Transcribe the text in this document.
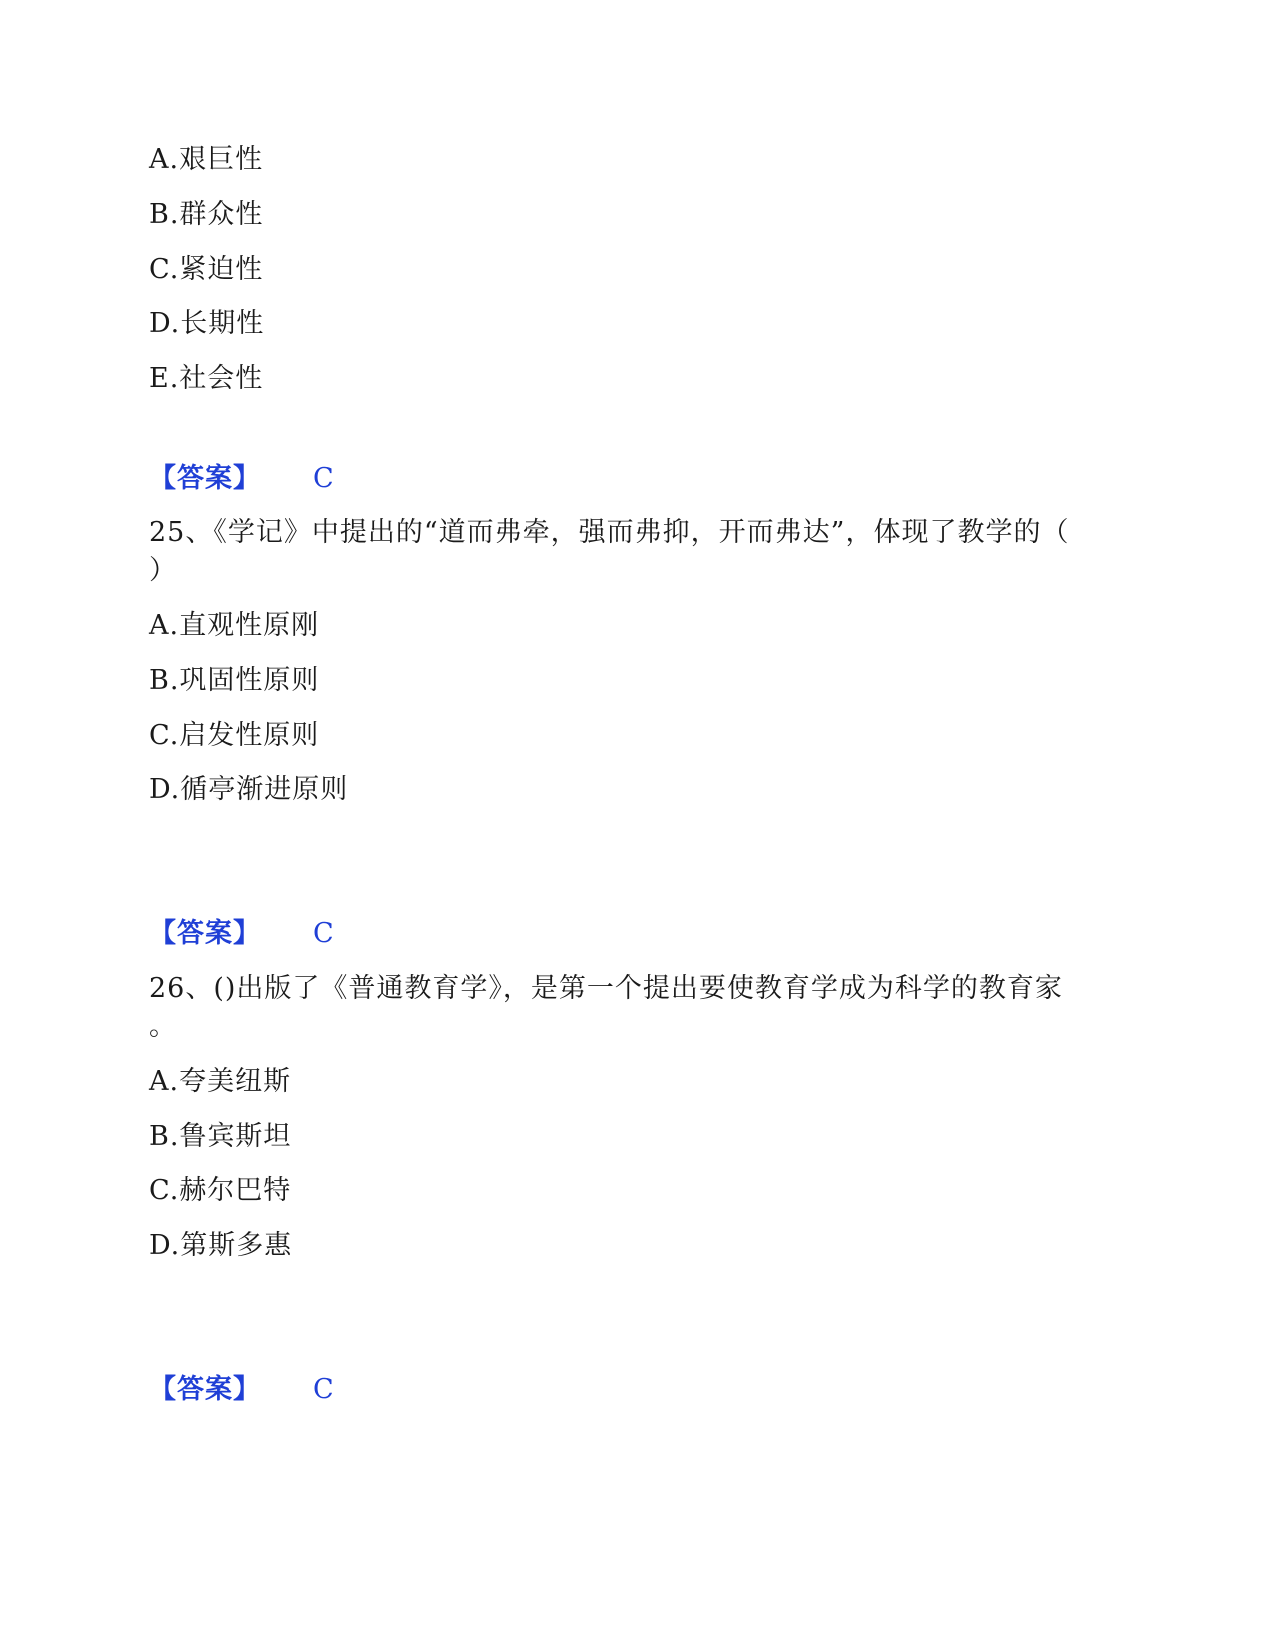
A.艰巨性
B.群众性
C.紧迫性
D.长期性
E.社会性
【答案】 C
25、《学记》中提出的“道而弗牵，强而弗抑，开而弗达”，体现了教学的（
）
A.直观性原刚
B.巩固性原则
C.启发性原则
D.循亭渐进原则
【答案】 C
26、()出版了《普通教育学》，是第一个提出要使教育学成为科学的教育家
。
A.夸美纽斯
B.鲁宾斯坦
C.赫尔巴特
D.第斯多惠
【答案】 C
